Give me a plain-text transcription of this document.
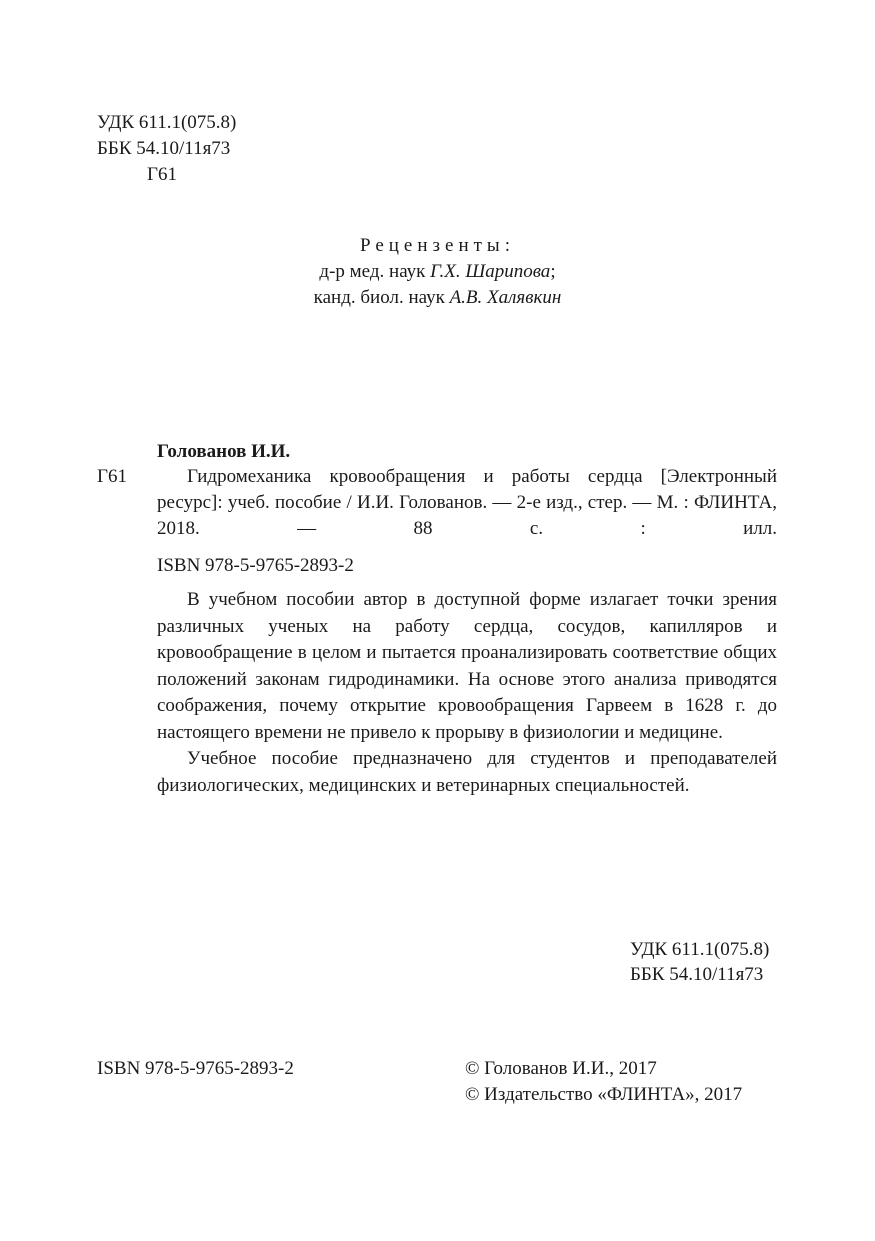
УДК 611.1(075.8)
ББК 54.10/11я73
Г61
Рецензенты:
д-р мед. наук Г.Х. Шарипова;
канд. биол. наук А.В. Халявкин
Голованов И.И.
Г61	Гидромеханика кровообращения и работы сердца [Электронный ресурс]: учеб. пособие / И.И. Голованов. — 2-е изд., стер. — М. : ФЛИНТА, 2018. — 88 с. : илл.
ISBN 978-5-9765-2893-2

В учебном пособии автор в доступной форме излагает точки зрения различных ученых на работу сердца, сосудов, капилляров и кровообращение в целом и пытается проанализировать соответствие общих положений законам гидродинамики. На основе этого анализа приводятся соображения, почему открытие кровообращения Гарвеем в 1628 г. до настоящего времени не привело к прорыву в физиологии и медицине.

Учебное пособие предназначено для студентов и преподавателей физиологических, медицинских и ветеринарных специальностей.

УДК 611.1(075.8)
ББК 54.10/11я73
ISBN 978-5-9765-2893-2	© Голованов И.И., 2017
© Издательство «ФЛИНТА», 2017
